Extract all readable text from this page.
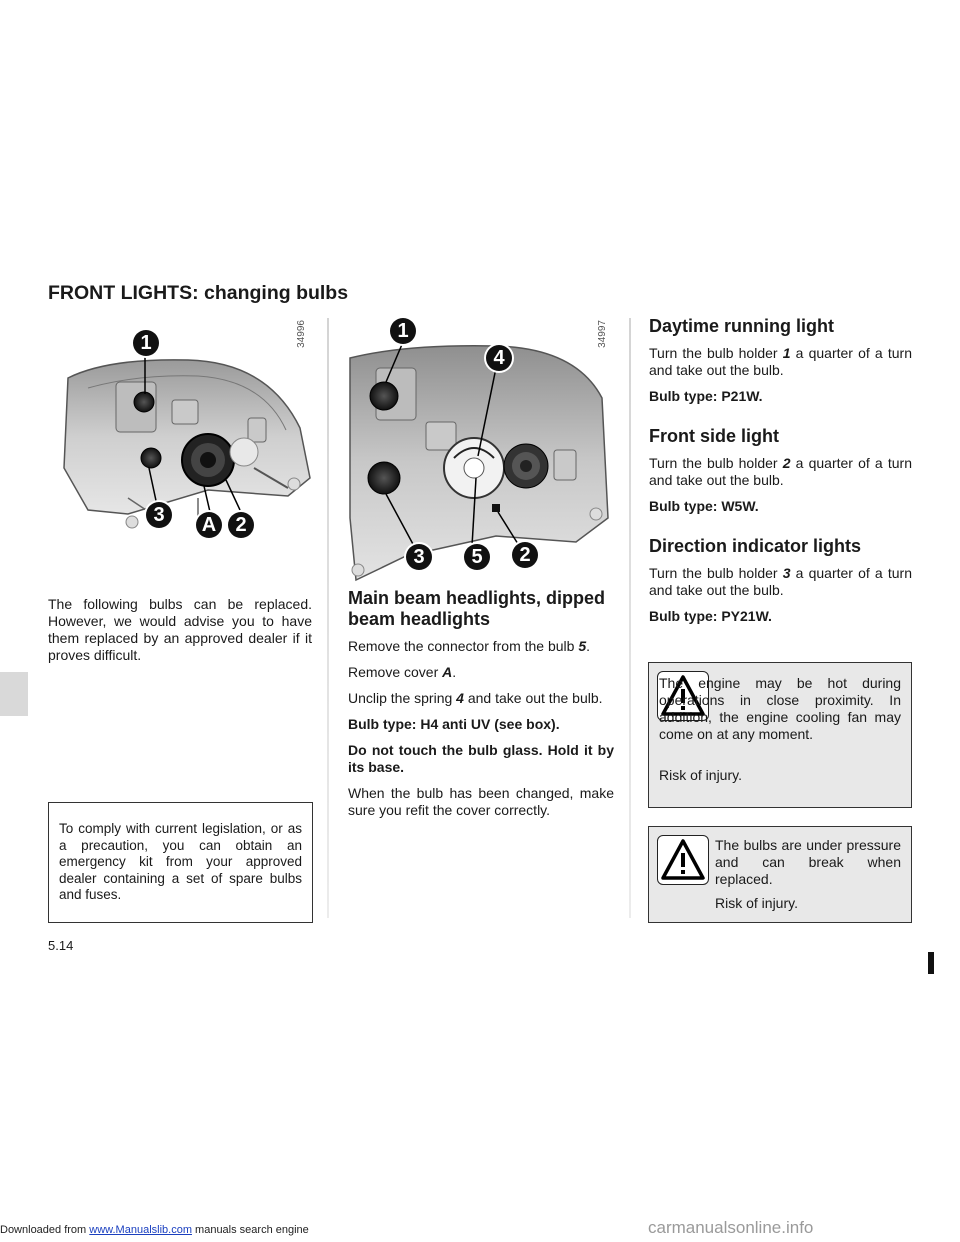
FRONT LIGHTS: changing bulbs
1
3	A 2
34996	1
4
3	5	2
34997
The following bulbs can be replaced. However, we would advise you to have them replaced by an approved dealer if it proves difficult.
To comply with current legislation, or as a precaution, you can obtain an emergency kit from your approved dealer containing a set of spare bulbs and fuses.
Main beam headlights, dipped beam headlights

Remove the connector from the bulb 5.

Remove cover A.

Unclip the spring 4 and take out the bulb.

Bulb type: H4 anti UV (see box).

Do not touch the bulb glass. Hold it by its base.

When the bulb has been changed, make sure you refit the cover correctly.

Daytime running light

Turn the bulb holder 1 a quarter of a turn and take out the bulb.

Bulb type: P21W.

Front side light

Turn the bulb holder 2 a quarter of a turn and take out the bulb.

Bulb type: W5W.

Direction indicator lights

Turn the bulb holder 3 a quarter of a turn and take out the bulb.

Bulb type: PY21W.

The engine may be hot during operations in close proximity. In addition, the engine cooling fan may come on at any moment.
Risk of injury.
The bulbs are under pressure and can break when replaced.
Risk of injury.
5.14
Downloaded from www.Manualslib.com manuals search engine	carmanualsonline.info
